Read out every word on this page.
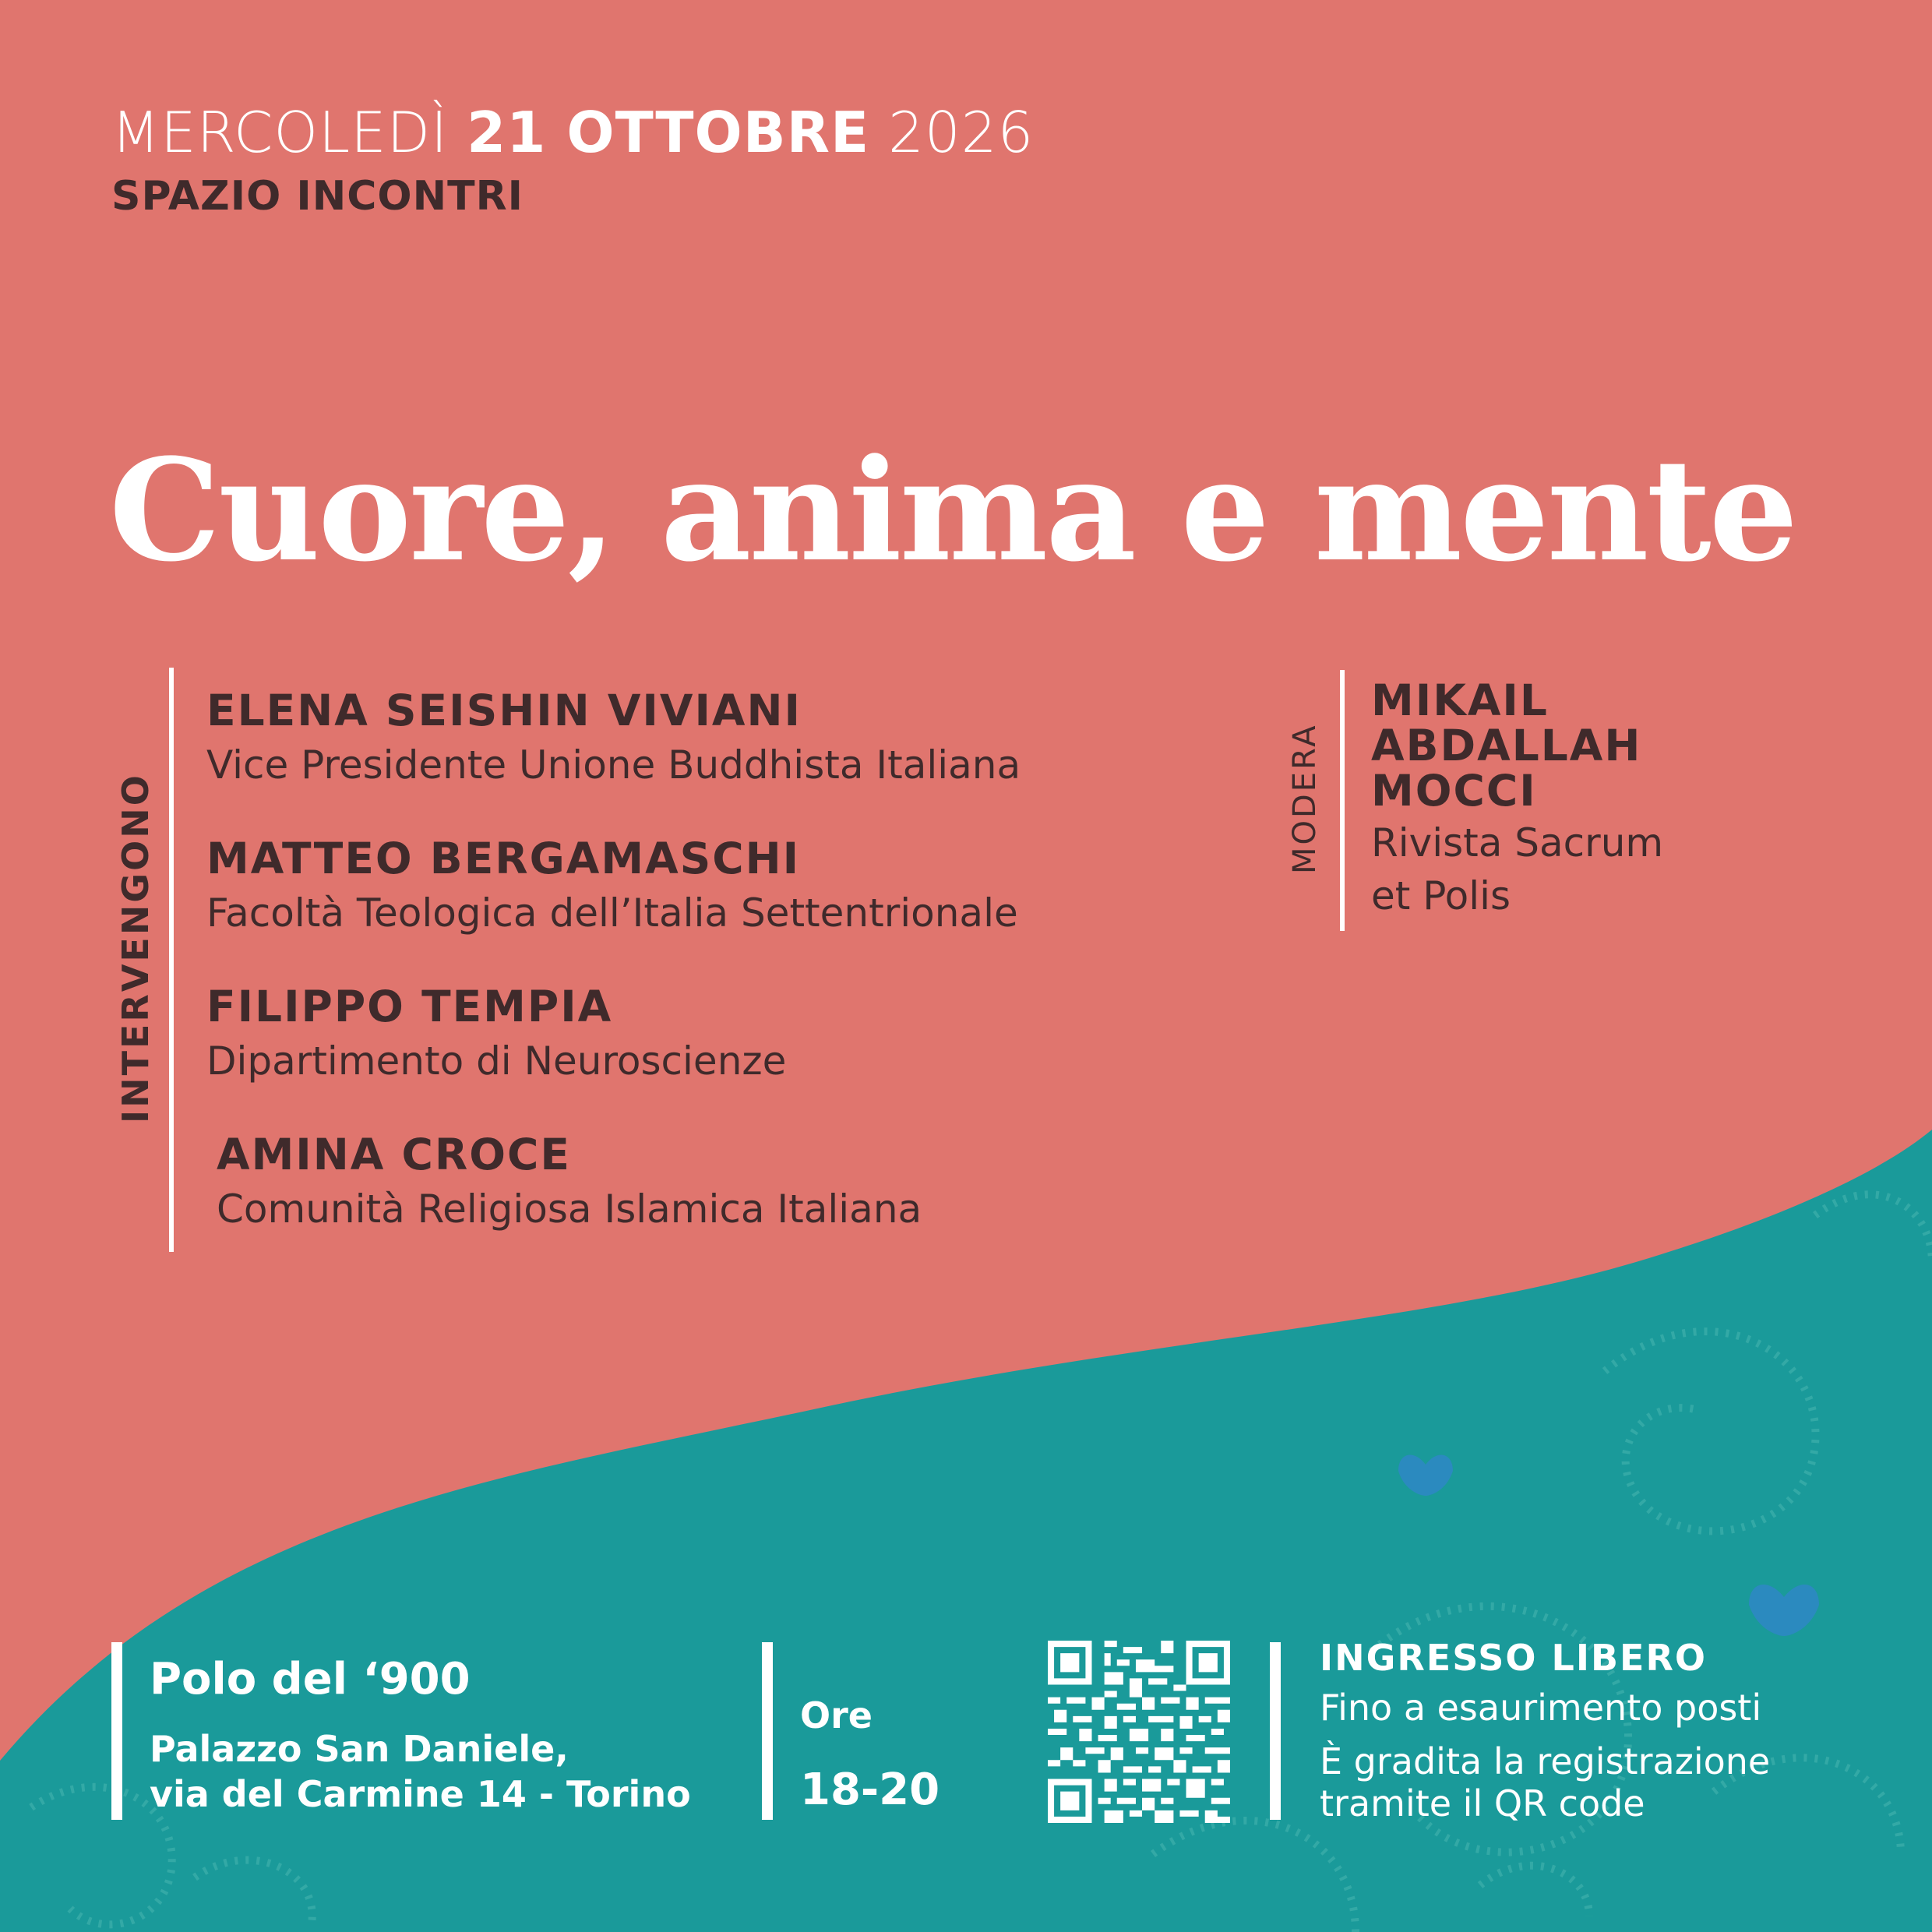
MERCOLEDÌ 21 OTTOBRE 2026
SPAZIO INCONTRI
Cuore, anima e mente
INTERVENGONO
ELENA SEISHIN VIVIANI
Vice Presidente Unione Buddhista Italiana
MATTEO BERGAMASCHI
Facoltà Teologica dell’Italia Settentrionale
FILIPPO TEMPIA
Dipartimento di Neuroscienze
AMINA CROCE
Comunità Religiosa Islamica Italiana
MODERA
MIKAIL
ABDALLAH
MOCCI
Rivista Sacrum
et Polis
Polo del ‘900
Palazzo San Daniele,
via del Carmine 14 - Torino
Ore
18-20
INGRESSO LIBERO
Fino a esaurimento posti
È gradita la registrazione
tramite il QR code
